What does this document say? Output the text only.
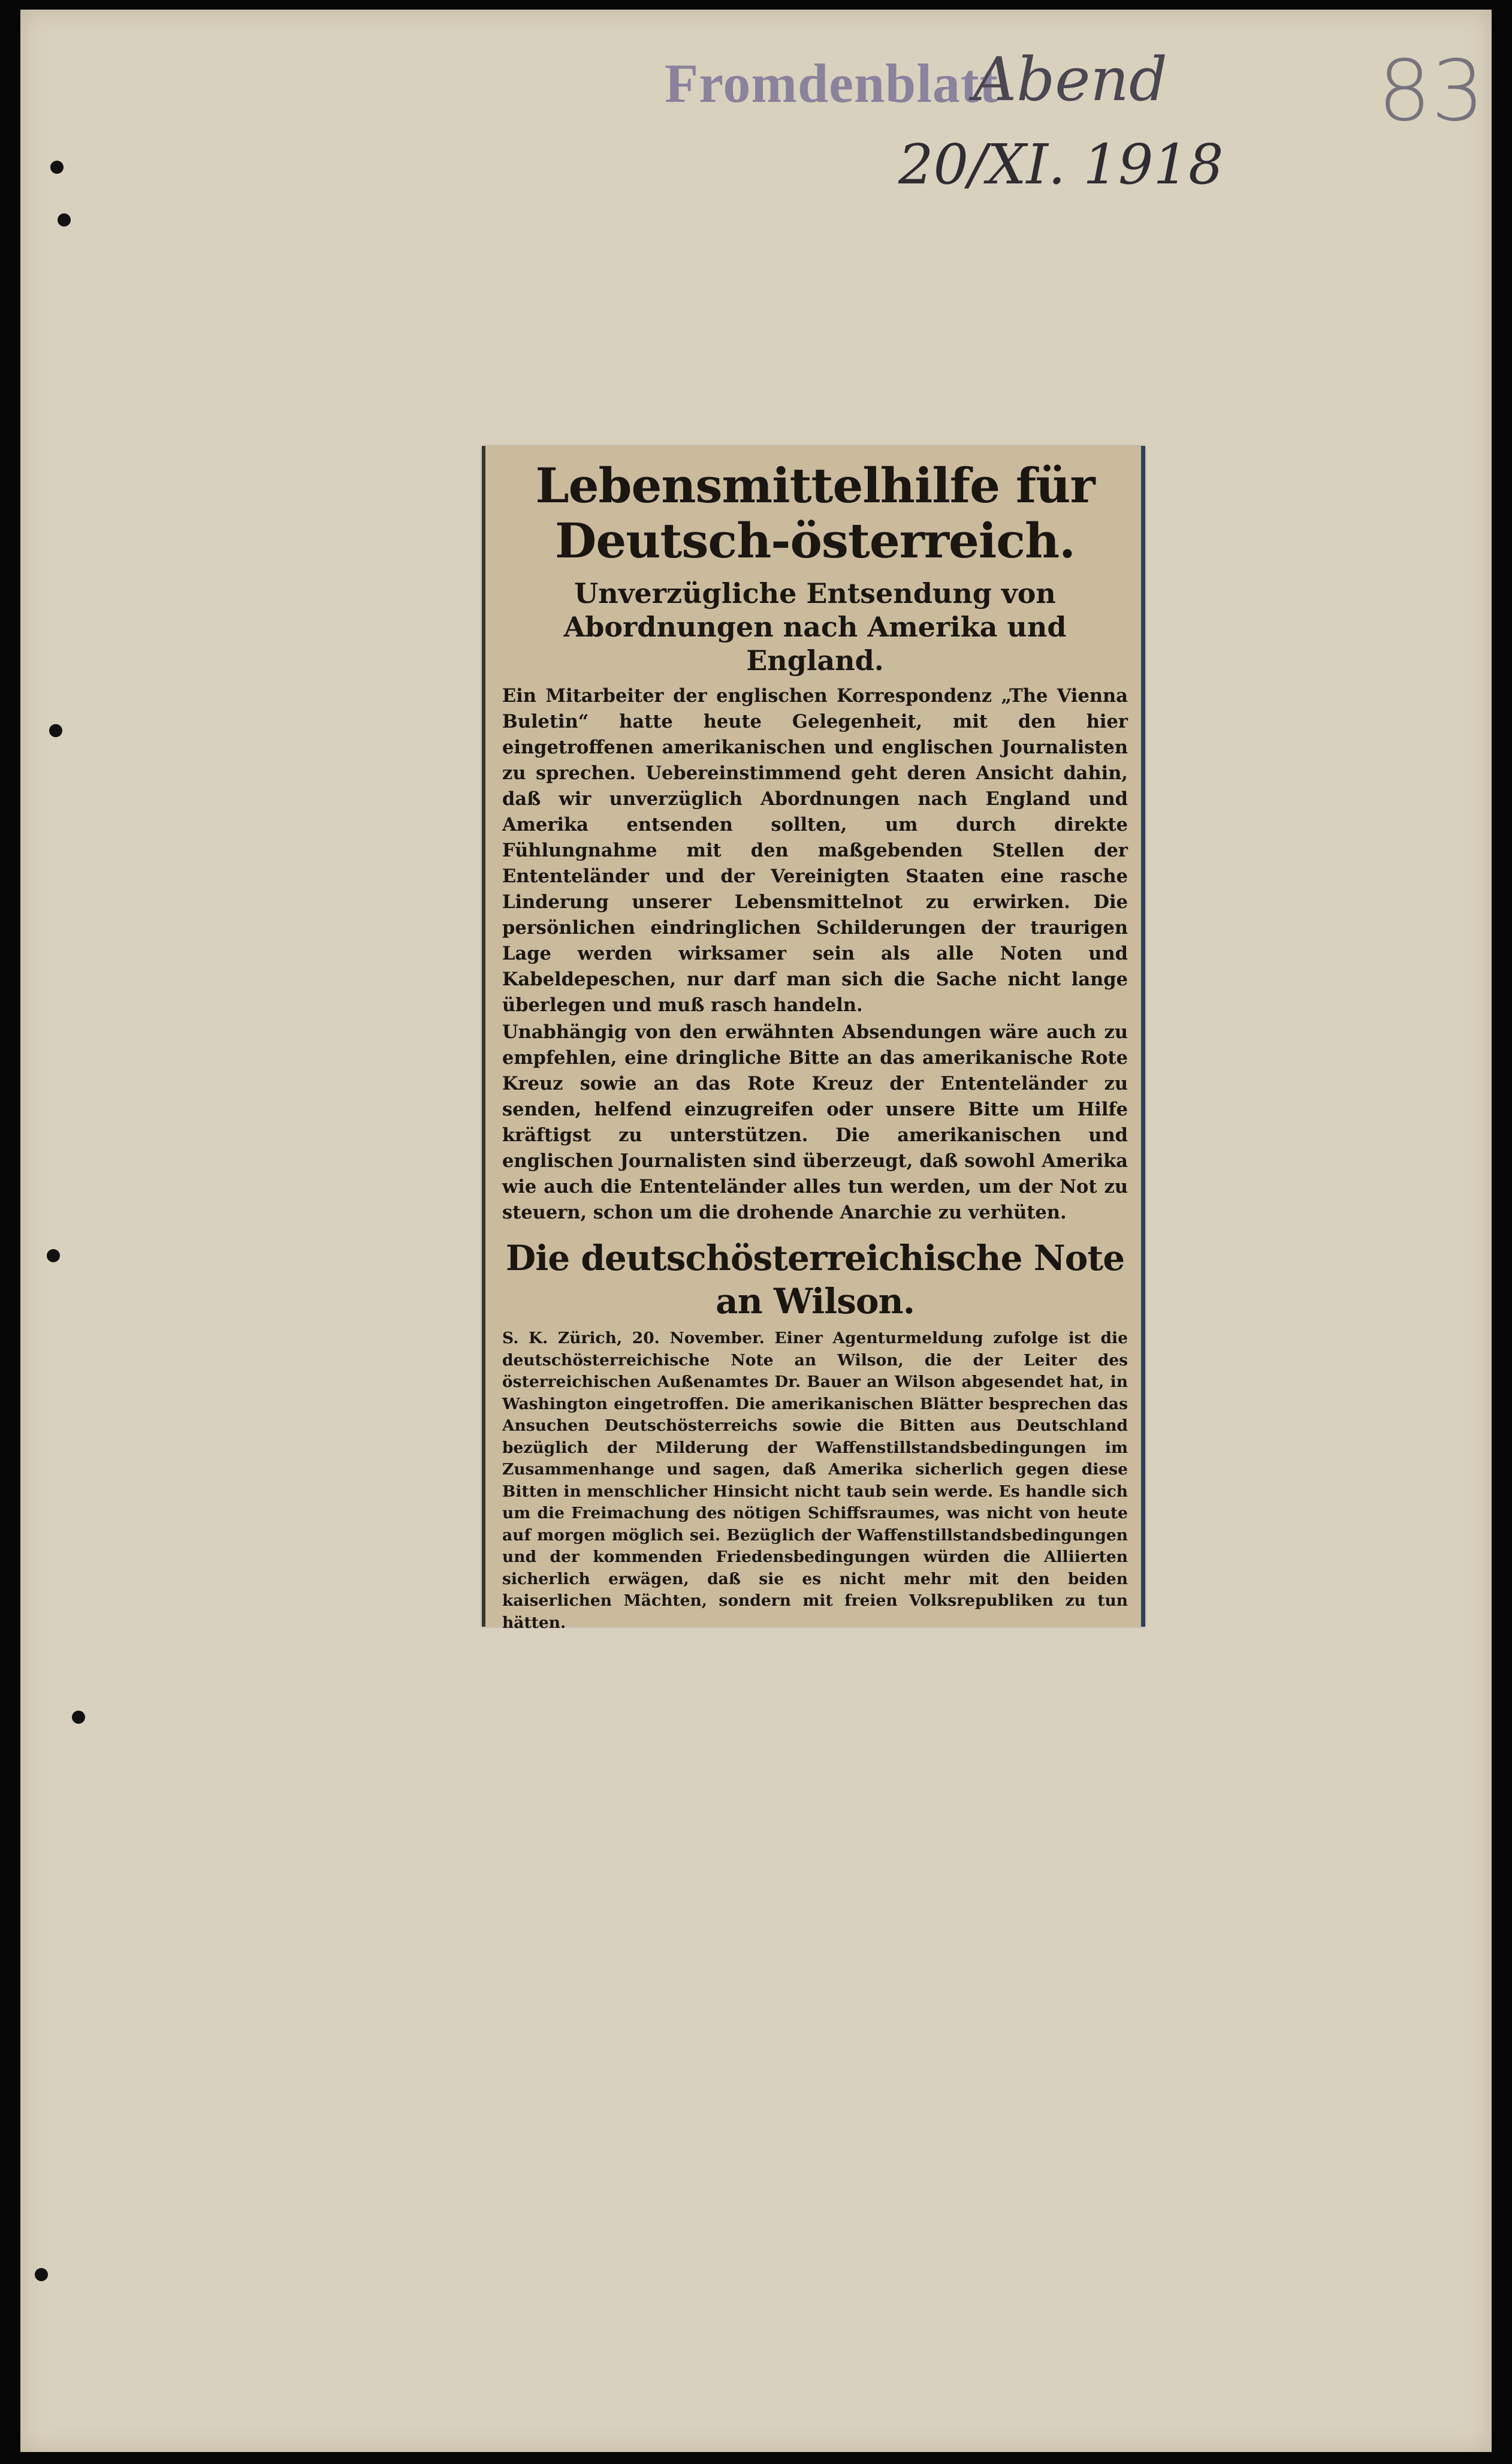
Fromdenblatt
Abend
20/XI. 1918
83
Lebensmittelhilfe für Deutsch-österreich.
Unverzügliche Entsendung von Abordnungen nach Amerika und England.

Ein Mitarbeiter der englischen Korrespondenz „The Vienna Buletin“ hatte heute Gelegenheit, mit den hier eingetroffenen amerikanischen und englischen Journalisten zu sprechen. Uebereinstimmend geht deren Ansicht dahin, daß wir unverzüglich Abordnungen nach England und Amerika entsenden sollten, um durch direkte Fühlungnahme mit den maßgebenden Stellen der Ententeländer und der Vereinigten Staaten eine rasche Linderung unserer Lebensmittelnot zu erwirken. Die persönlichen eindringlichen Schilderungen der traurigen Lage werden wirksamer sein als alle Noten und Kabeldepeschen, nur darf man sich die Sache nicht lange überlegen und muß rasch handeln.

Unabhängig von den erwähnten Absendungen wäre auch zu empfehlen, eine dringliche Bitte an das amerikanische Rote Kreuz sowie an das Rote Kreuz der Ententeländer zu senden, helfend einzugreifen oder unsere Bitte um Hilfe kräftigst zu unterstützen. Die amerikanischen und englischen Journalisten sind überzeugt, daß sowohl Amerika wie auch die Ententeländer alles tun werden, um der Not zu steuern, schon um die drohende Anarchie zu verhüten.

Die deutschösterreichische Note an Wilson.

S. K. Zürich, 20. November. Einer Agenturmeldung zufolge ist die deutschösterreichische Note an Wilson, die der Leiter des österreichischen Außenamtes Dr. Bauer an Wilson abgesendet hat, in Washington eingetroffen. Die amerikanischen Blätter besprechen das Ansuchen Deutschösterreichs sowie die Bitten aus Deutschland bezüglich der Milderung der Waffenstillstandsbedingungen im Zusammenhange und sagen, daß Amerika sicherlich gegen diese Bitten in menschlicher Hinsicht nicht taub sein werde. Es handle sich um die Freimachung des nötigen Schiffsraumes, was nicht von heute auf morgen möglich sei. Bezüglich der Waffenstillstandsbedingungen und der kommenden Friedensbedingungen würden die Alliierten sicherlich erwägen, daß sie es nicht mehr mit den beiden kaiserlichen Mächten, sondern mit freien Volksrepubliken zu tun hätten.
